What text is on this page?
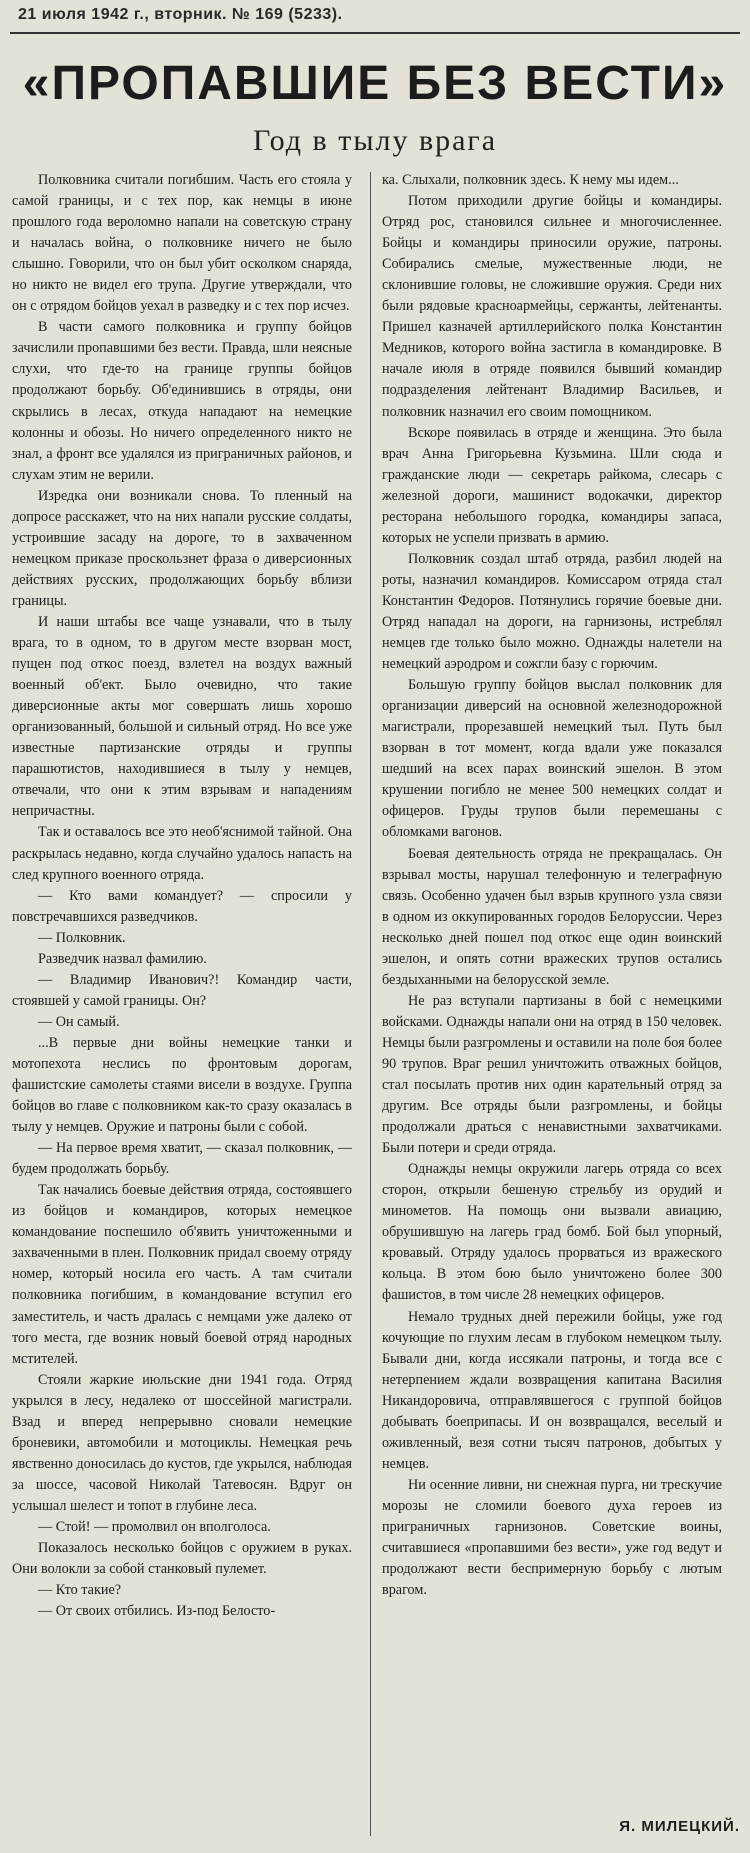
21 июля 1942 г., вторник. № 169 (5233).
«ПРОПАВШИЕ БЕЗ ВЕСТИ»
Год в тылу врага

Полковника считали погибшим. Часть его стояла у самой границы, и с тех пор, как немцы в июне прошлого года вероломно напали на советскую страну и началась война, о полковнике ничего не было слышно. Говорили, что он был убит осколком снаряда, но никто не видел его трупа. Другие утверждали, что он с отрядом бойцов уехал в разведку и с тех пор исчез.

В части самого полковника и группу бойцов зачислили пропавшими без вести. Правда, шли неясные слухи, что где-то на границе группы бойцов продолжают борьбу. Об'единившись в отряды, они скрылись в лесах, откуда нападают на немецкие колонны и обозы. Но ничего определенного никто не знал, а фронт все удалялся из приграничных районов, и слухам этим не верили.

Изредка они возникали снова. То пленный на допросе расскажет, что на них напали русские солдаты, устроившие засаду на дороге, то в захваченном немецком приказе проскользнет фраза о диверсионных действиях русских, продолжающих борьбу вблизи границы.

И наши штабы все чаще узнавали, что в тылу врага, то в одном, то в другом месте взорван мост, пущен под откос поезд, взлетел на воздух важный военный об'ект. Было очевидно, что такие диверсионные акты мог совершать лишь хорошо организованный, большой и сильный отряд. Но все уже известные партизанские отряды и группы парашютистов, находившиеся в тылу у немцев, отвечали, что они к этим взрывам и нападениям непричастны.

Так и оставалось все это необ'яснимой тайной. Она раскрылась недавно, когда случайно удалось напасть на след крупного военного отряда.

— Кто вами командует? — спросили у повстречавшихся разведчиков.

— Полковник.

Разведчик назвал фамилию.

— Владимир Иванович?! Командир части, стоявшей у самой границы. Он?

— Он самый.

...В первые дни войны немецкие танки и мотопехота неслись по фронтовым дорогам, фашистские самолеты стаями висели в воздухе. Группа бойцов во главе с полковником как-то сразу оказалась в тылу у немцев. Оружие и патроны были с собой.

— На первое время хватит, — сказал полковник, — будем продолжать борьбу.

Так начались боевые действия отряда, состоявшего из бойцов и командиров, которых немецкое командование поспешило об'явить уничтоженными и захваченными в плен. Полковник придал своему отряду номер, который носила его часть. А там считали полковника погибшим, в командование вступил его заместитель, и часть дралась с немцами уже далеко от того места, где возник новый боевой отряд народных мстителей.

Стояли жаркие июльские дни 1941 года. Отряд укрылся в лесу, недалеко от шоссейной магистрали. Взад и вперед непрерывно сновали немецкие броневики, автомобили и мотоциклы. Немецкая речь явственно доносилась до кустов, где укрылся, наблюдая за шоссе, часовой Николай Татевосян. Вдруг он услышал шелест и топот в глубине леса.

— Стой! — промолвил он вполголоса.

Показалось несколько бойцов с оружием в руках. Они волокли за собой станковый пулемет.

— Кто такие?

— От своих отбились. Из-под Белосто-

ка. Слыхали, полковник здесь. К нему мы идем...

Потом приходили другие бойцы и командиры. Отряд рос, становился сильнее и многочисленнее. Бойцы и командиры приносили оружие, патроны. Собирались смелые, мужественные люди, не склонившие головы, не сложившие оружия. Среди них были рядовые красноармейцы, сержанты, лейтенанты. Пришел казначей артиллерийского полка Константин Медников, которого война застигла в командировке. В начале июля в отряде появился бывший командир подразделения лейтенант Владимир Васильев, и полковник назначил его своим помощником.

Вскоре появилась в отряде и женщина. Это была врач Анна Григорьевна Кузьмина. Шли сюда и гражданские люди — секретарь райкома, слесарь с железной дороги, машинист водокачки, директор ресторана небольшого городка, командиры запаса, которых не успели призвать в армию.

Полковник создал штаб отряда, разбил людей на роты, назначил командиров. Комиссаром отряда стал Константин Федоров. Потянулись горячие боевые дни. Отряд нападал на дороги, на гарнизоны, истреблял немцев где только было можно. Однажды налетели на немецкий аэродром и сожгли базу с горючим.

Большую группу бойцов выслал полковник для организации диверсий на основной железнодорожной магистрали, прорезавшей немецкий тыл. Путь был взорван в тот момент, когда вдали уже показался шедший на всех парах воинский эшелон. В этом крушении погибло не менее 500 немецких солдат и офицеров. Груды трупов были перемешаны с обломками вагонов.

Боевая деятельность отряда не прекращалась. Он взрывал мосты, нарушал телефонную и телеграфную связь. Особенно удачен был взрыв крупного узла связи в одном из оккупированных городов Белоруссии. Через несколько дней пошел под откос еще один воинский эшелон, и опять сотни вражеских трупов остались бездыханными на белорусской земле.

Не раз вступали партизаны в бой с немецкими войсками. Однажды напали они на отряд в 150 человек. Немцы были разгромлены и оставили на поле боя более 90 трупов. Враг решил уничтожить отважных бойцов, стал посылать против них один карательный отряд за другим. Все отряды были разгромлены, и бойцы продолжали драться с ненавистными захватчиками. Были потери и среди отряда.

Однажды немцы окружили лагерь отряда со всех сторон, открыли бешеную стрельбу из орудий и минометов. На помощь они вызвали авиацию, обрушившую на лагерь град бомб. Бой был упорный, кровавый. Отряду удалось прорваться из вражеского кольца. В этом бою было уничтожено более 300 фашистов, в том числе 28 немецких офицеров.

Немало трудных дней пережили бойцы, уже год кочующие по глухим лесам в глубоком немецком тылу. Бывали дни, когда иссякали патроны, и тогда все с нетерпением ждали возвращения капитана Василия Никандоровича, отправлявшегося с группой бойцов добывать боеприпасы. И он возвращался, веселый и оживленный, везя сотни тысяч патронов, добытых у немцев.

Ни осенние ливни, ни снежная пурга, ни трескучие морозы не сломили боевого духа героев из приграничных гарнизонов. Советские воины, считавшиеся «пропавшими без вести», уже год ведут и продолжают вести беспримерную борьбу с лютым врагом.

Я. МИЛЕЦКИЙ.
